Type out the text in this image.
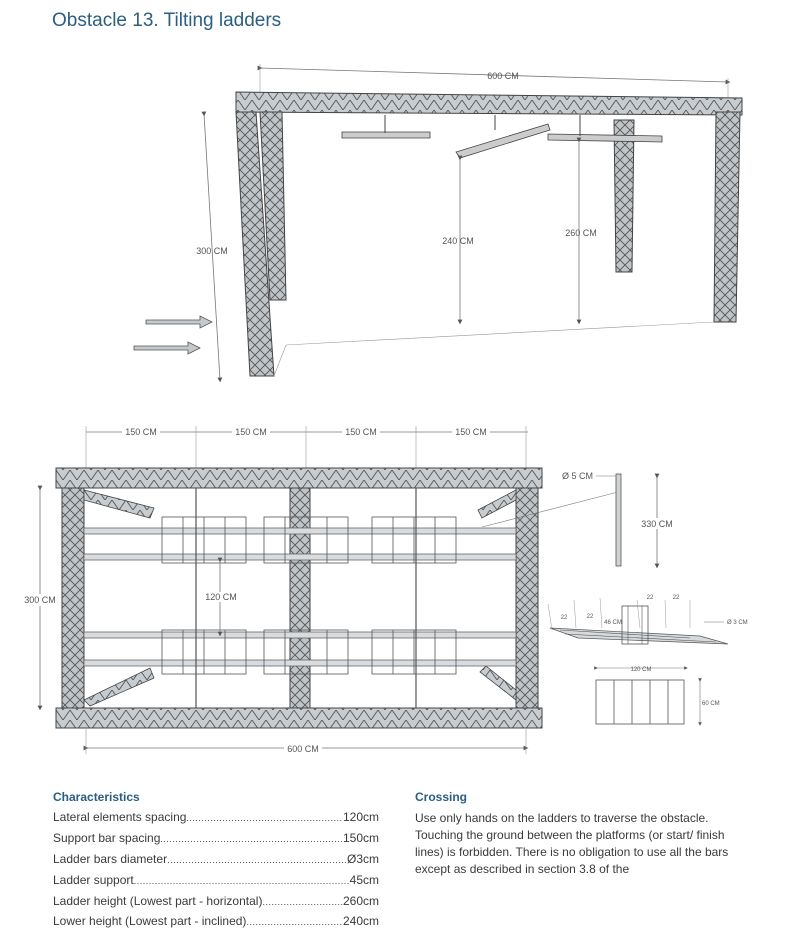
Obstacle 13. Tilting ladders
600 CM
300 CM
240 CM
260 CM
150 CM	150 CM	150 CM	150 CM
120 CM
300 CM
600 CM
Ø 5 CM
330 CM
22	22
22	22
46 CM	Ø 3 CM
120 CM
60 CM
Characteristics
Lateral elements spacing .....	120cm
Support bar spacing .....	150cm
Ladder bars diameter .....	Ø3cm
Ladder support .....	45cm
Ladder height (Lowest part - horizontal) .....	260cm
Lower height (Lowest part - inclined) .....	240cm
Crossing
Use only hands on the ladders to traverse the obstacle. Touching the ground between the platforms (or start/ finish lines) is forbidden. There is no obligation to use all the bars except as described in section 3.8 of the
